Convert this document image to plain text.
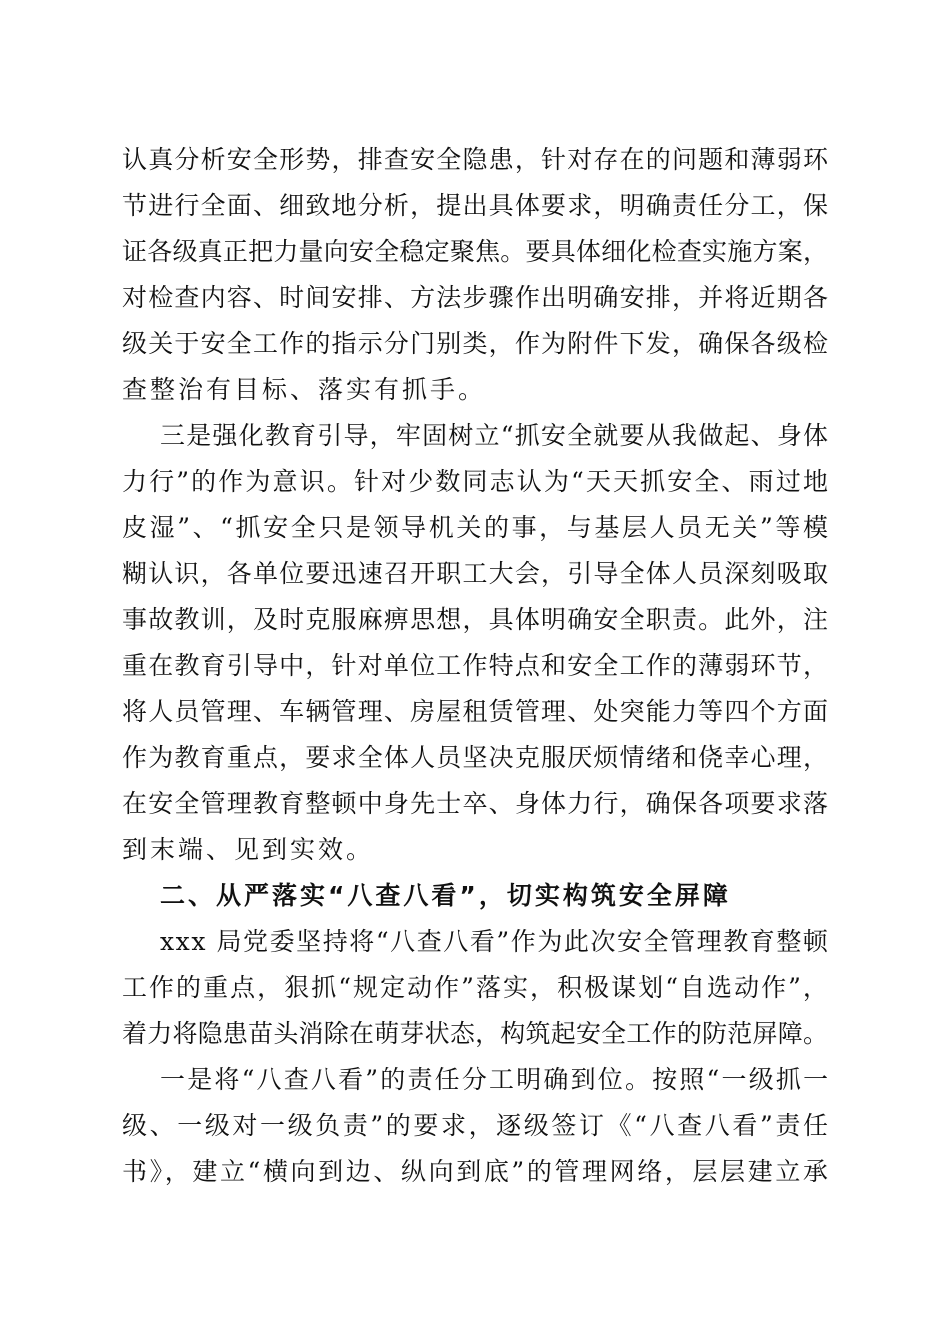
认真分析安全形势，排查安全隐患，针对存在的问题和薄弱环
节进行全面、细致地分析，提出具体要求，明确责任分工，保
证各级真正把力量向安全稳定聚焦。要具体细化检查实施方案，
对检查内容、时间安排、方法步骤作出明确安排，并将近期各
级关于安全工作的指示分门别类，作为附件下发，确保各级检
查整治有目标、落实有抓手。
三是强化教育引导，牢固树立“抓安全就要从我做起、身体
力行”的作为意识。针对少数同志认为“天天抓安全、雨过地
皮湿”、“抓安全只是领导机关的事，与基层人员无关”等模
糊认识，各单位要迅速召开职工大会，引导全体人员深刻吸取
事故教训，及时克服麻痹思想，具体明确安全职责。此外，注
重在教育引导中，针对单位工作特点和安全工作的薄弱环节，
将人员管理、车辆管理、房屋租赁管理、处突能力等四个方面
作为教育重点，要求全体人员坚决克服厌烦情绪和侥幸心理，
在安全管理教育整顿中身先士卒、身体力行，确保各项要求落
到末端、见到实效。
二、从严落实“八查八看”，切实构筑安全屏障
xxx 局党委坚持将“八查八看”作为此次安全管理教育整顿
工作的重点，狠抓“规定动作”落实，积极谋划“自选动作”，
着力将隐患苗头消除在萌芽状态，构筑起安全工作的防范屏障。
一是将“八查八看”的责任分工明确到位。按照“一级抓一
级、一级对一级负责”的要求，逐级签订《“八查八看”责任
书》，建立“横向到边、纵向到底”的管理网络，层层建立承
